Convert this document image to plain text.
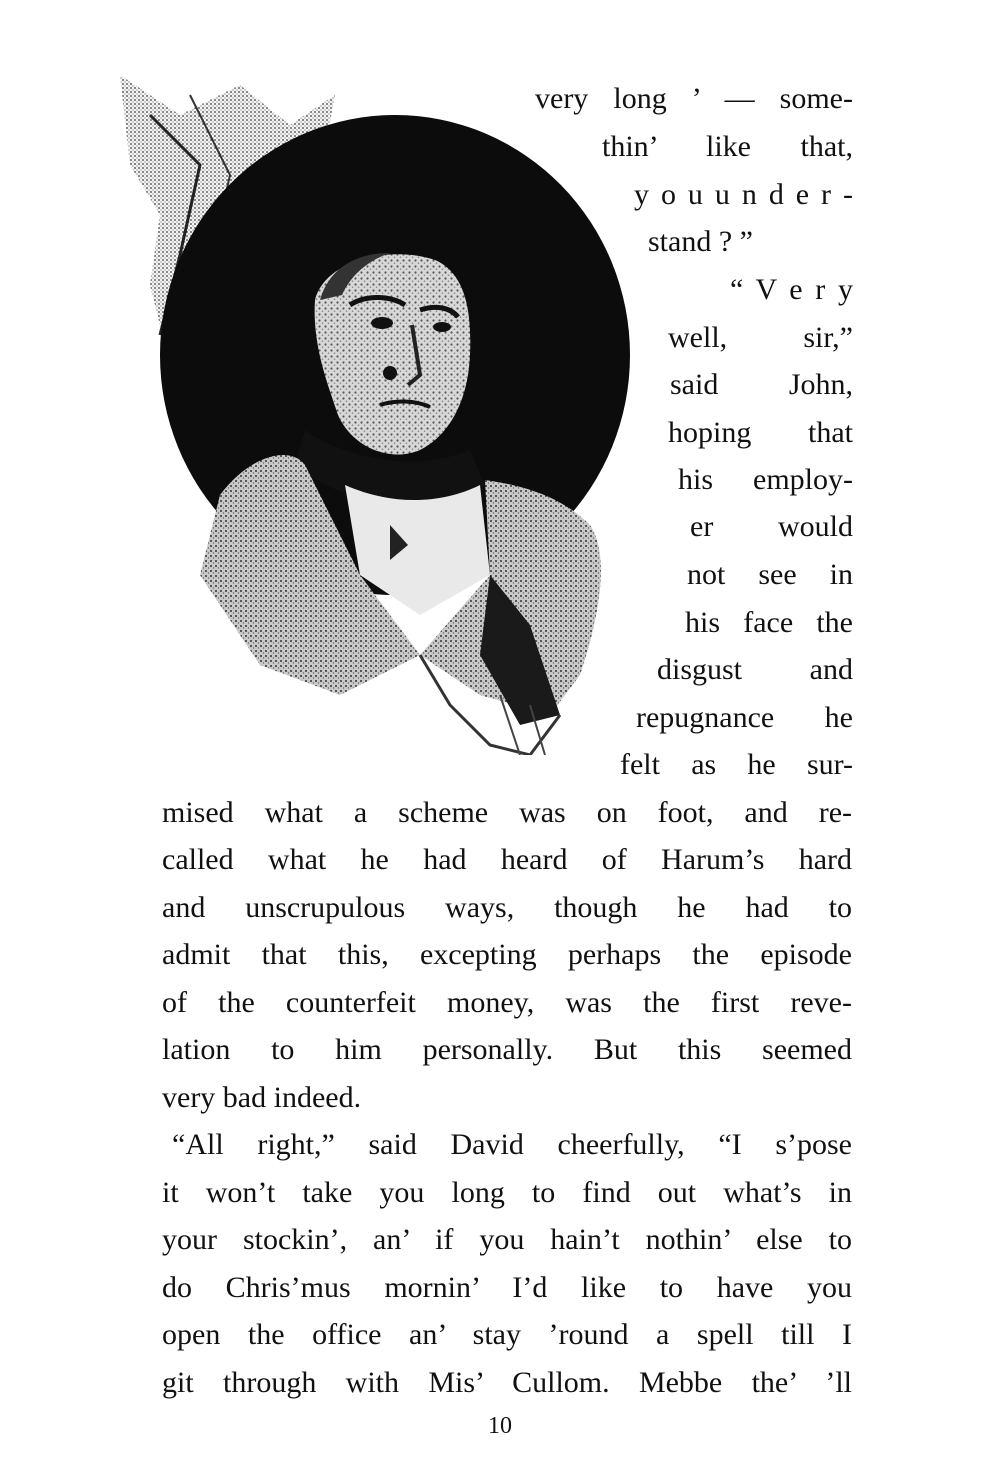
very long ’ — some-
thin’ like that,
y o u u n d e r -
stand ? ”
“ V e r y
well, sir,”
said John,
hoping that
his employ-
er would
not see in
his face the
disgust and
repugnance he
felt as he sur-
mised what a scheme was on foot, and re-
called what he had heard of Harum’s hard
and unscrupulous ways, though he had to
admit that this, excepting perhaps the episode
of the counterfeit money, was the first reve-
lation to him personally. But this seemed
very bad indeed.
“All right,” said David cheerfully, “I s’pose
it won’t take you long to find out what’s in
your stockin’, an’ if you hain’t nothin’ else to
do Chris’mus mornin’ I’d like to have you
open the office an’ stay ’round a spell till I
git through with Mis’ Cullom. Mebbe the’ ’ll
10
